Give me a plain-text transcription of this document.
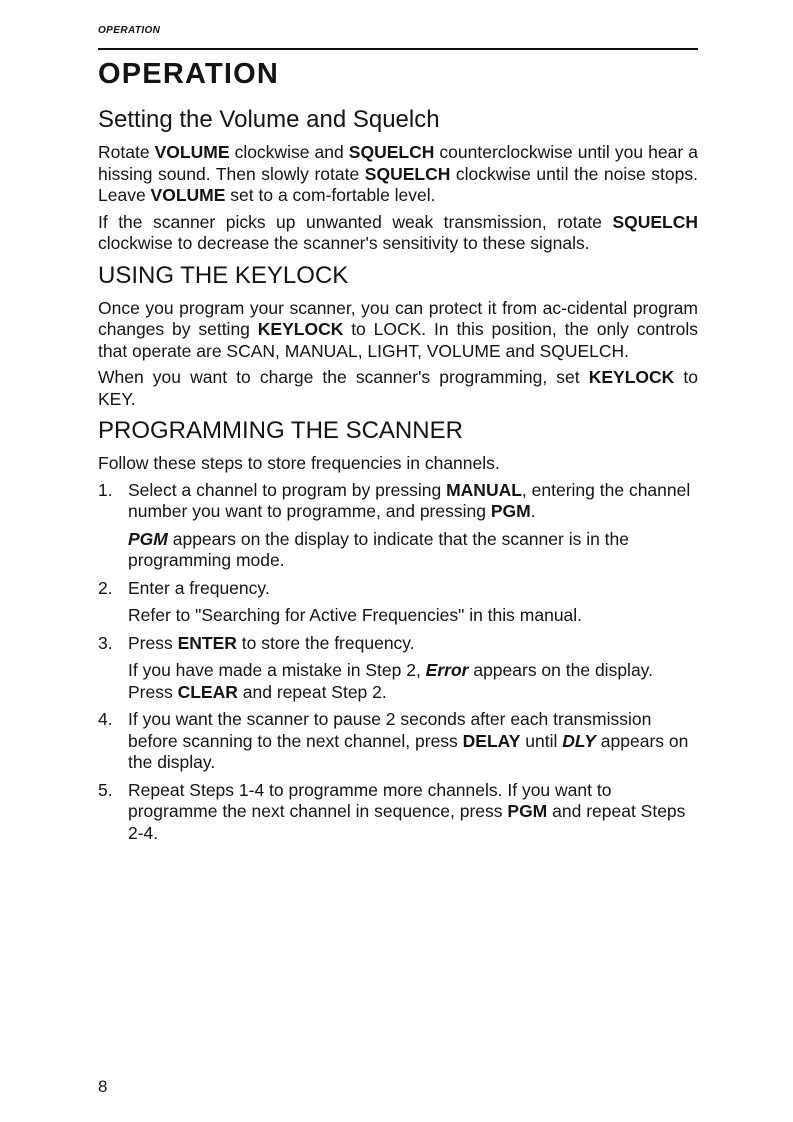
OPERATION
OPERATION
Setting the Volume and Squelch

Rotate VOLUME clockwise and SQUELCH counterclockwise until you hear a hissing sound. Then slowly rotate SQUELCH clockwise until the noise stops. Leave VOLUME set to a com-fortable level.

If the scanner picks up unwanted weak transmission, rotate SQUELCH clockwise to decrease the scanner's sensitivity to these signals.

USING THE KEYLOCK

Once you program your scanner, you can protect it from ac-cidental program changes by setting KEYLOCK to LOCK. In this position, the only controls that operate are SCAN, MANUAL, LIGHT, VOLUME and SQUELCH.

When you want to charge the scanner's programming, set KEYLOCK to KEY.

PROGRAMMING THE SCANNER

Follow these steps to store frequencies in channels.

1. Select a channel to program by pressing MANUAL, entering the channel number you want to programme, and pressing PGM.

PGM appears on the display to indicate that the scanner is in the programming mode.

2. Enter a frequency.

Refer to "Searching for Active Frequencies" in this manual.

3. Press ENTER to store the frequency.

If you have made a mistake in Step 2, Error appears on the display. Press CLEAR and repeat Step 2.

4. If you want the scanner to pause 2 seconds after each transmission before scanning to the next channel, press DELAY until DLY appears on the display.

5. Repeat Steps 1-4 to programme more channels. If you want to programme the next channel in sequence, press PGM and repeat Steps 2-4.

8
